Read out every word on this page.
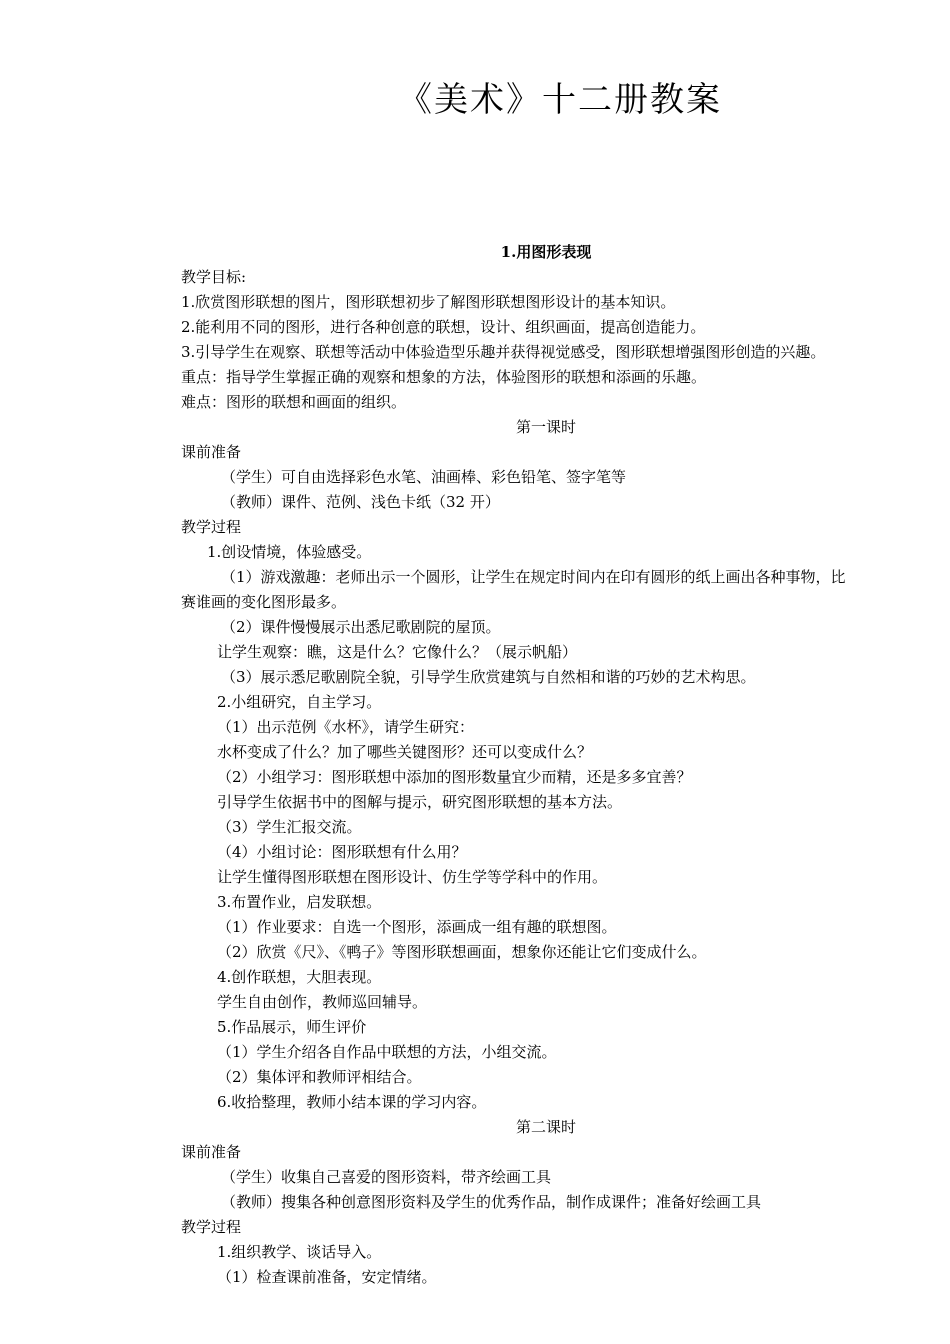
《美术》十二册教案
1.用图形表现
教学目标:
1.欣赏图形联想的图片，图形联想初步了解图形联想图形设计的基本知识。
2.能利用不同的图形，进行各种创意的联想，设计、组织画面，提高创造能力。
3.引导学生在观察、联想等活动中体验造型乐趣并获得视觉感受，图形联想增强图形创造的兴趣。
重点：指导学生掌握正确的观察和想象的方法，体验图形的联想和添画的乐趣。
难点：图形的联想和画面的组织。
第一课时
课前准备
（学生）可自由选择彩色水笔、油画棒、彩色铅笔、签字笔等
（教师）课件、范例、浅色卡纸（32 开）
教学过程
1.创设情境，体验感受。
（1）游戏激趣：老师出示一个圆形，让学生在规定时间内在印有圆形的纸上画出各种事物，比
赛谁画的变化图形最多。
（2）课件慢慢展示出悉尼歌剧院的屋顶。
让学生观察：瞧，这是什么？它像什么？（展示帆船）
（3）展示悉尼歌剧院全貌，引导学生欣赏建筑与自然相和谐的巧妙的艺术构思。
2.小组研究，自主学习。
（1）出示范例《水杯》，请学生研究：
水杯变成了什么？加了哪些关键图形？还可以变成什么？
（2）小组学习：图形联想中添加的图形数量宜少而精，还是多多宜善？
引导学生依据书中的图解与提示，研究图形联想的基本方法。
（3）学生汇报交流。
（4）小组讨论：图形联想有什么用？
让学生懂得图形联想在图形设计、仿生学等学科中的作用。
3.布置作业，启发联想。
（1）作业要求：自选一个图形，添画成一组有趣的联想图。
（2）欣赏《尺》、《鸭子》等图形联想画面，想象你还能让它们变成什么。
4.创作联想，大胆表现。
学生自由创作，教师巡回辅导。
5.作品展示，师生评价
（1）学生介绍各自作品中联想的方法，小组交流。
（2）集体评和教师评相结合。
6.收拾整理，教师小结本课的学习内容。
第二课时
课前准备
（学生）收集自己喜爱的图形资料，带齐绘画工具
（教师）搜集各种创意图形资料及学生的优秀作品，制作成课件；准备好绘画工具
教学过程
1.组织教学、谈话导入。
（1）检查课前准备，安定情绪。
